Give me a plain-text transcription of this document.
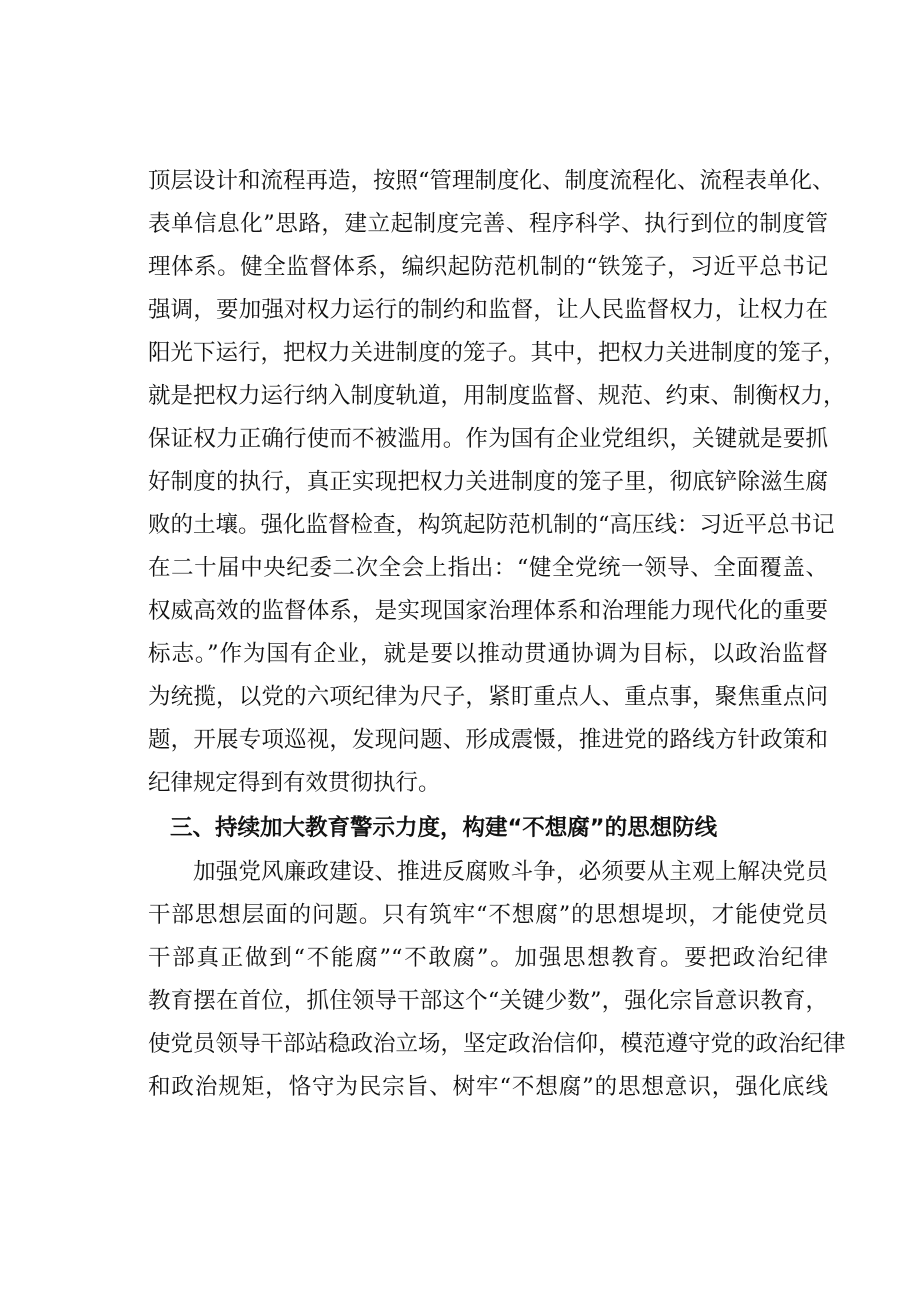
顶层设计和流程再造，按照“管理制度化、制度流程化、流程表单化、
表单信息化”思路，建立起制度完善、程序科学、执行到位的制度管
理体系。健全监督体系，编织起防范机制的“铁笼子，习近平总书记
强调，要加强对权力运行的制约和监督，让人民监督权力，让权力在
阳光下运行，把权力关进制度的笼子。其中，把权力关进制度的笼子，
就是把权力运行纳入制度轨道，用制度监督、规范、约束、制衡权力，
保证权力正确行使而不被滥用。作为国有企业党组织，关键就是要抓
好制度的执行，真正实现把权力关进制度的笼子里，彻底铲除滋生腐
败的土壤。强化监督检查，构筑起防范机制的“高压线：习近平总书记
在二十届中央纪委二次全会上指出：“健全党统一领导、全面覆盖、
权威高效的监督体系，是实现国家治理体系和治理能力现代化的重要
标志。”作为国有企业，就是要以推动贯通协调为目标，以政治监督
为统揽，以党的六项纪律为尺子，紧盯重点人、重点事，聚焦重点问
题，开展专项巡视，发现问题、形成震慑，推进党的路线方针政策和
纪律规定得到有效贯彻执行。
三、持续加大教育警示力度，构建“不想腐”的思想防线
加强党风廉政建设、推进反腐败斗争，必须要从主观上解决党员
干部思想层面的问题。只有筑牢“不想腐”的思想堤坝，才能使党员
干部真正做到“不能腐”“不敢腐”。加强思想教育。要把政治纪律
教育摆在首位，抓住领导干部这个“关键少数”，强化宗旨意识教育，
使党员领导干部站稳政治立场，坚定政治信仰，模范遵守党的政治纪律
和政治规矩，恪守为民宗旨、树牢“不想腐”的思想意识，强化底线
